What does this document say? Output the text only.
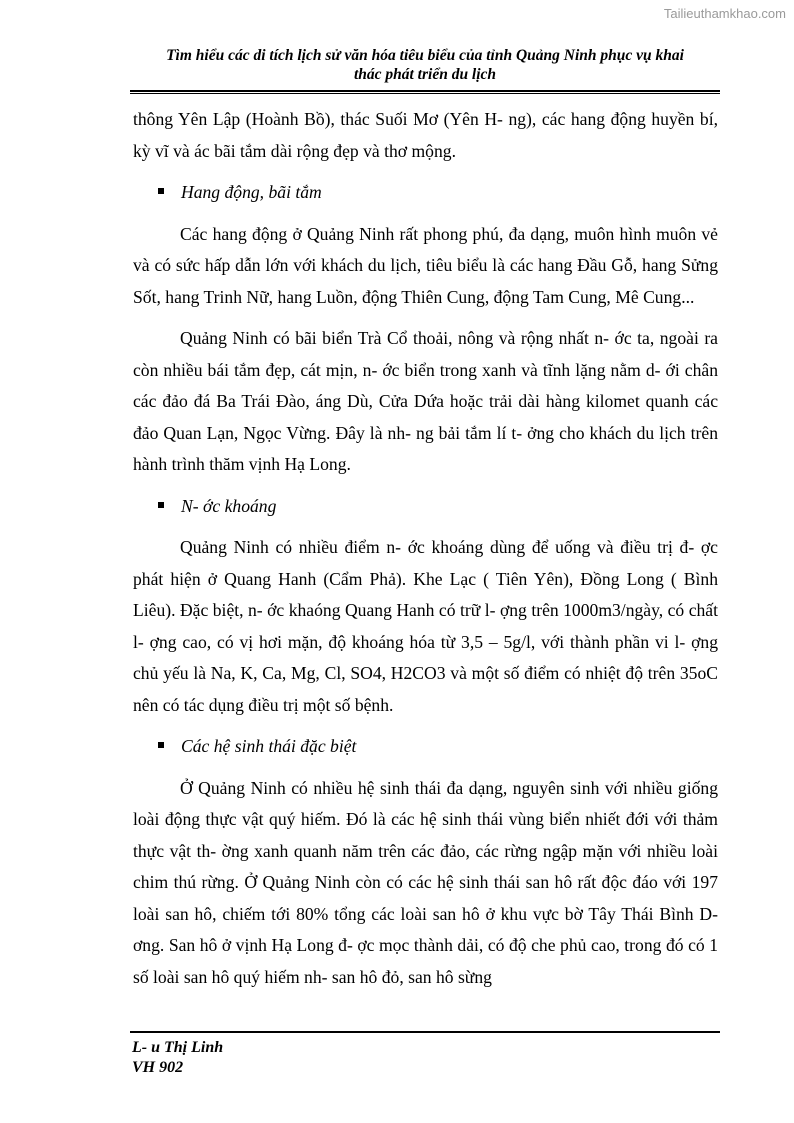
Tailieuthamkhao.com
Tìm hiểu các di tích lịch sử văn hóa tiêu biểu của tỉnh Quảng Ninh phục vụ khai
thác phát triển du lịch

thông Yên Lập (Hoành Bồ), thác Suối Mơ (Yên H- ng), các hang động huyền bí, kỳ vĩ và ác bãi tắm dài rộng đẹp và thơ mộng.

Hang động, bãi tắm

Các hang động ở Quảng Ninh rất phong phú, đa dạng, muôn hình muôn vẻ và có sức hấp dẫn lớn với khách du lịch, tiêu biểu là các hang Đầu Gỗ, hang Sửng Sốt, hang Trinh Nữ, hang Luồn, động Thiên Cung, động Tam Cung, Mê Cung...

Quảng Ninh có bãi biển Trà Cổ thoải, nông và rộng nhất n- ớc ta, ngoài ra còn nhiều bái tắm đẹp, cát mịn, n- ớc biển trong xanh và tĩnh lặng nằm d- ới chân các đảo đá Ba Trái Đào, áng Dù, Cửa Dứa hoặc trải dài hàng kilomet quanh các đảo Quan Lạn, Ngọc Vừng. Đây là nh- ng bải tắm lí t- ởng cho khách du lịch trên hành trình thăm vịnh Hạ Long.

N- ớc khoáng

Quảng Ninh có nhiều điểm n- ớc khoáng dùng để uống và điều trị đ- ợc phát hiện ở Quang Hanh (Cẩm Phả). Khe Lạc ( Tiên Yên), Đồng Long ( Bình Liêu). Đặc biệt, n- ớc khaóng Quang Hanh có trữ l- ợng trên 1000m3/ngày, có chất l- ợng cao, có vị hơi mặn, độ khoáng hóa từ 3,5 – 5g/l, với thành phần vi l- ợng chủ yếu là Na, K, Ca, Mg, Cl, SO4, H2CO3 và một số điểm có nhiệt độ trên 35oC nên có tác dụng điều trị một số bệnh.

Các hệ sinh thái đặc biệt

Ở Quảng Ninh có nhiều hệ sinh thái đa dạng, nguyên sinh với nhiều giống loài động thực vật quý hiếm. Đó là các hệ sinh thái vùng biển nhiết đới với thảm thực vật th- ờng xanh quanh năm trên các đảo, các rừng ngập mặn với nhiều loài chim thú rừng. Ở Quảng Ninh còn có các hệ sinh thái san hô rất độc đáo với 197 loài san hô, chiếm tới 80% tổng các loài san hô ở khu vực bờ Tây Thái Bình D- ơng. San hô ở vịnh Hạ Long đ- ợc mọc thành dải, có độ che phủ cao, trong đó có 1 số loài san hô quý hiếm nh- san hô đỏ, san hô sừng

L- u Thị Linh
VH 902
